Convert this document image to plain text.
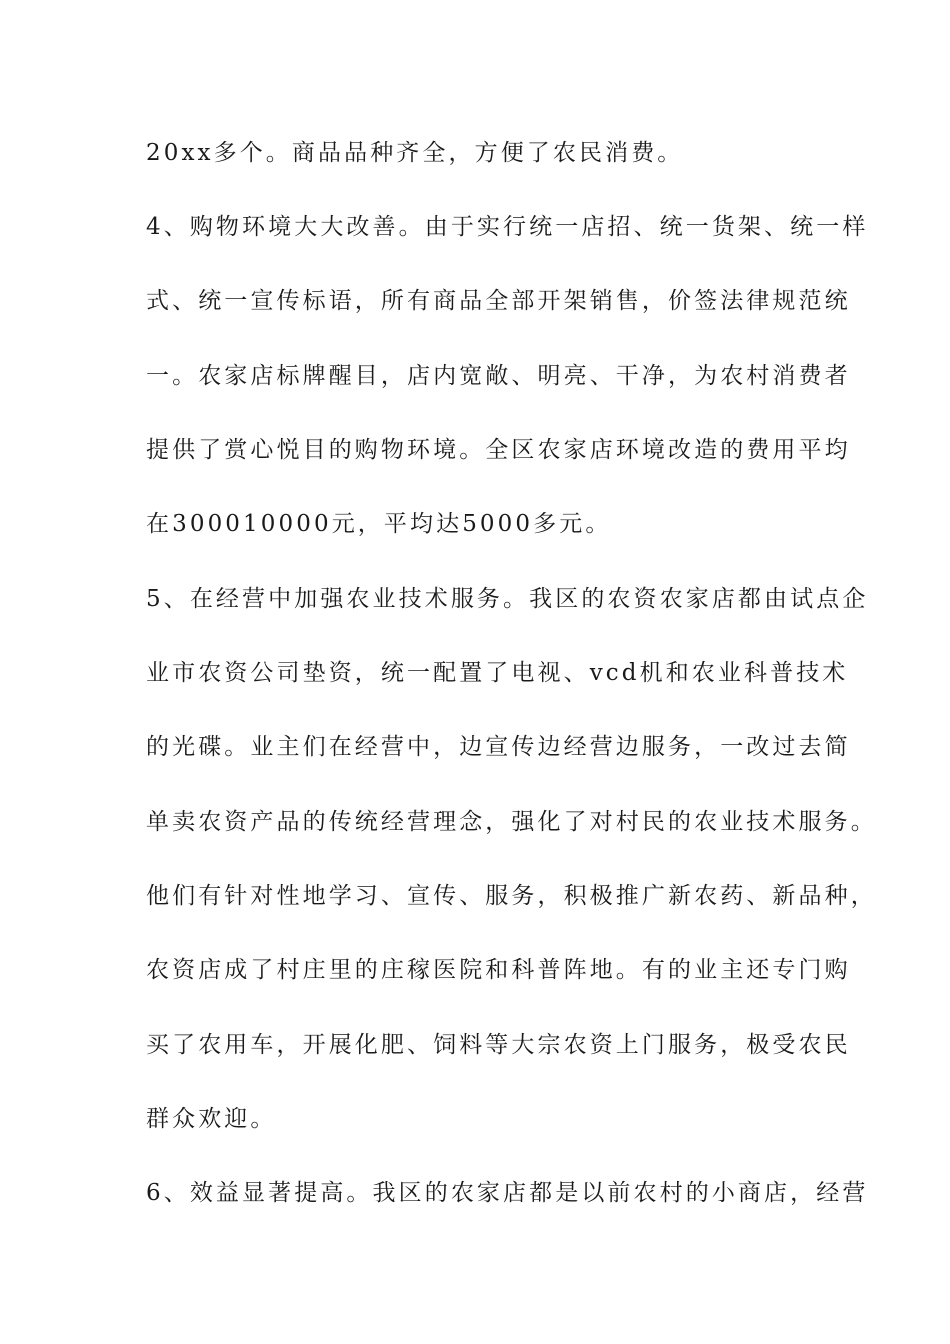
20xx多个。商品品种齐全，方便了农民消费。
4、购物环境大大改善。由于实行统一店招、统一货架、统一样
式、统一宣传标语，所有商品全部开架销售，价签法律规范统
一。农家店标牌醒目，店内宽敞、明亮、干净，为农村消费者
提供了赏心悦目的购物环境。全区农家店环境改造的费用平均
在300010000元，平均达5000多元。
5、在经营中加强农业技术服务。我区的农资农家店都由试点企
业市农资公司垫资，统一配置了电视、vcd机和农业科普技术
的光碟。业主们在经营中，边宣传边经营边服务，一改过去简
单卖农资产品的传统经营理念，强化了对村民的农业技术服务。
他们有针对性地学习、宣传、服务，积极推广新农药、新品种，
农资店成了村庄里的庄稼医院和科普阵地。有的业主还专门购
买了农用车，开展化肥、饲料等大宗农资上门服务，极受农民
群众欢迎。
6、效益显著提高。我区的农家店都是以前农村的小商店，经营
